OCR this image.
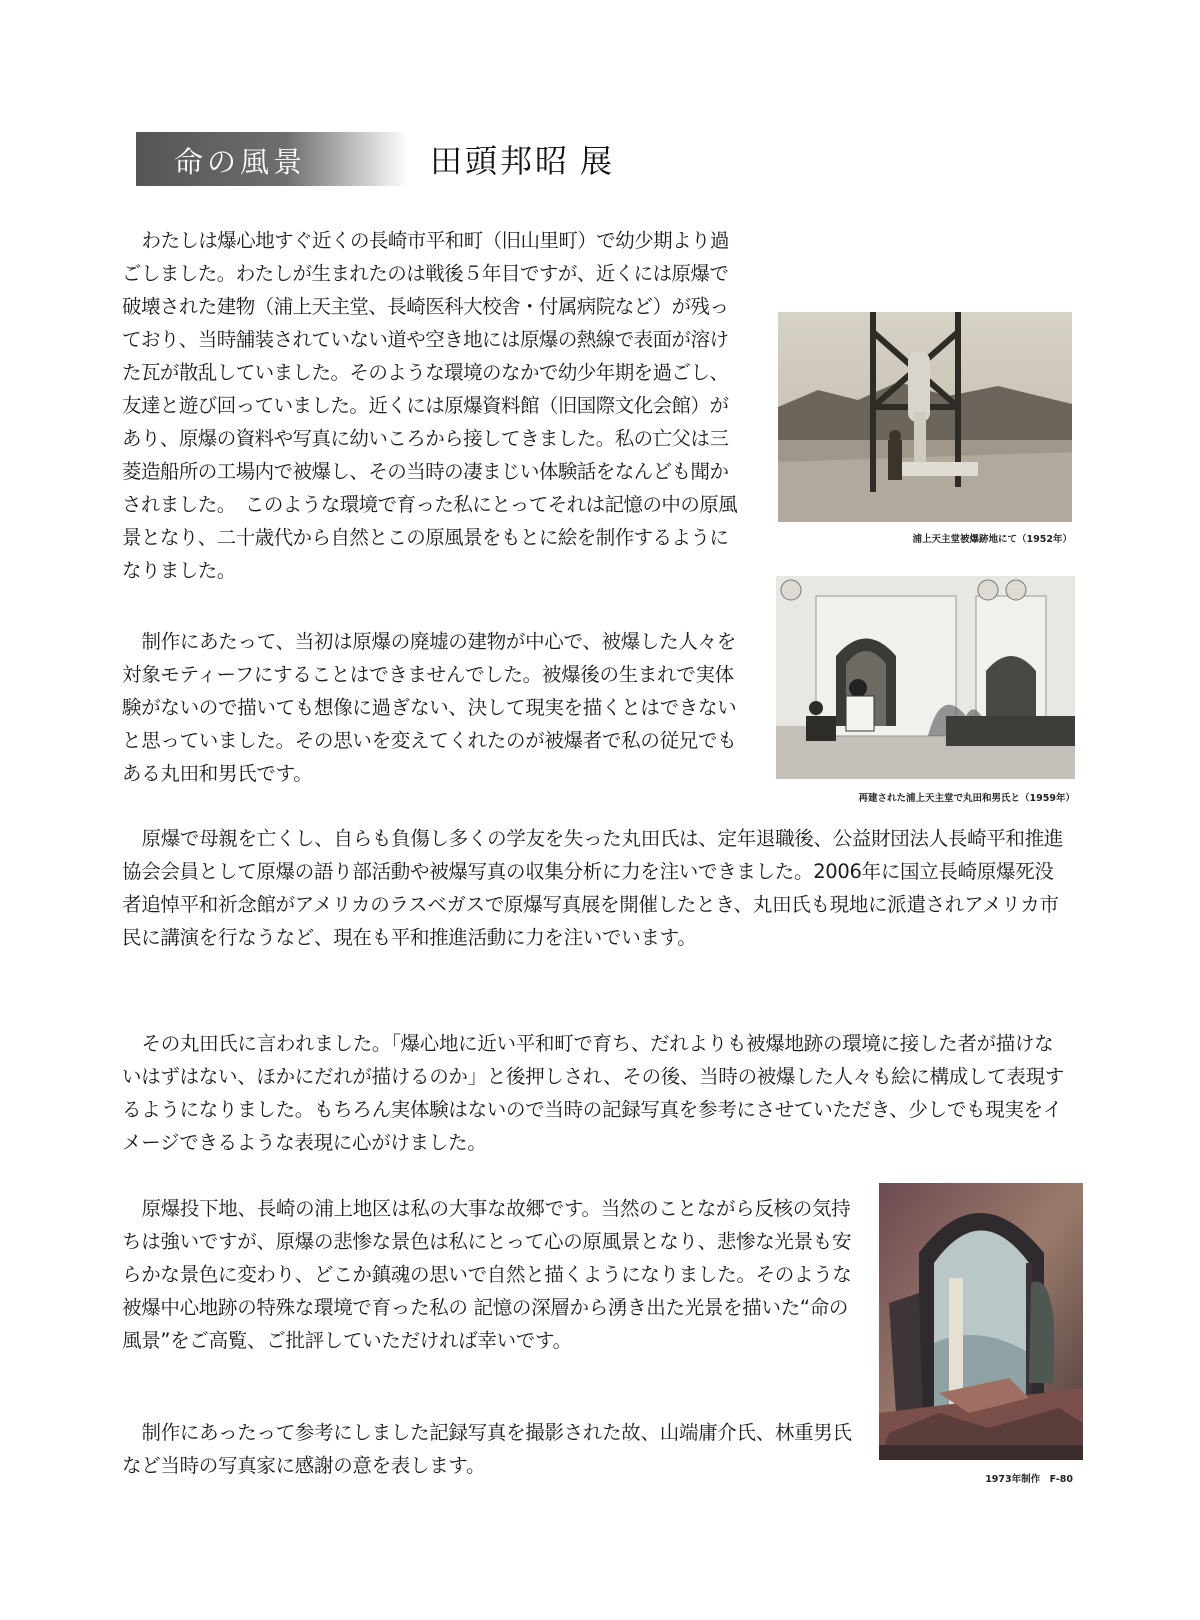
命の風景	田頭邦昭 展

わたしは爆心地すぐ近くの長崎市平和町（旧山里町）で幼少期より過ごしました。わたしが生まれたのは戦後５年目ですが、近くには原爆で破壊された建物（浦上天主堂、長崎医科大校舎・付属病院など）が残っており、当時舗装されていない道や空き地には原爆の熱線で表面が溶けた瓦が散乱していました。そのような環境のなかで幼少年期を過ごし、友達と遊び回っていました。近くには原爆資料館（旧国際文化会館）があり、原爆の資料や写真に幼いころから接してきました。私の亡父は三菱造船所の工場内で被爆し、その当時の凄まじい体験話をなんども聞かされました。　このような環境で育った私にとってそれは記憶の中の原風景となり、二十歳代から自然とこの原風景をもとに絵を制作するようになりました。

浦上天主堂被爆跡地にて（1952年）

制作にあたって、当初は原爆の廃墟の建物が中心で、被爆した人々を対象モティーフにすることはできませんでした。被爆後の生まれで実体験がないので描いても想像に過ぎない、決して現実を描くとはできないと思っていました。その思いを変えてくれたのが被爆者で私の従兄でもある丸田和男氏です。

再建された浦上天主堂で丸田和男氏と（1959年）

原爆で母親を亡くし、自らも負傷し多くの学友を失った丸田氏は、定年退職後、公益財団法人長崎平和推進協会会員として原爆の語り部活動や被爆写真の収集分析に力を注いできました。2006年に国立長崎原爆死没者追悼平和祈念館がアメリカのラスベガスで原爆写真展を開催したとき、丸田氏も現地に派遣されアメリカ市民に講演を行なうなど、現在も平和推進活動に力を注いでいます。

その丸田氏に言われました。「爆心地に近い平和町で育ち、だれよりも被爆地跡の環境に接した者が描けないはずはない、ほかにだれが描けるのか」と後押しされ、その後、当時の被爆した人々も絵に構成して表現するようになりました。もちろん実体験はないので当時の記録写真を参考にさせていただき、少しでも現実をイメージできるような表現に心がけました。

原爆投下地、長崎の浦上地区は私の大事な故郷です。当然のことながら反核の気持ちは強いですが、原爆の悲惨な景色は私にとって心の原風景となり、悲惨な光景も安らかな景色に変わり、どこか鎮魂の思いで自然と描くようになりました。そのような被爆中心地跡の特殊な環境で育った私の 記憶の深層から湧き出た光景を描いた“命の風景”をご高覧、ご批評していただければ幸いです。

1973年制作　F-80

制作にあったって参考にしました記録写真を撮影された故、山端庸介氏、林重男氏など当時の写真家に感謝の意を表します。
